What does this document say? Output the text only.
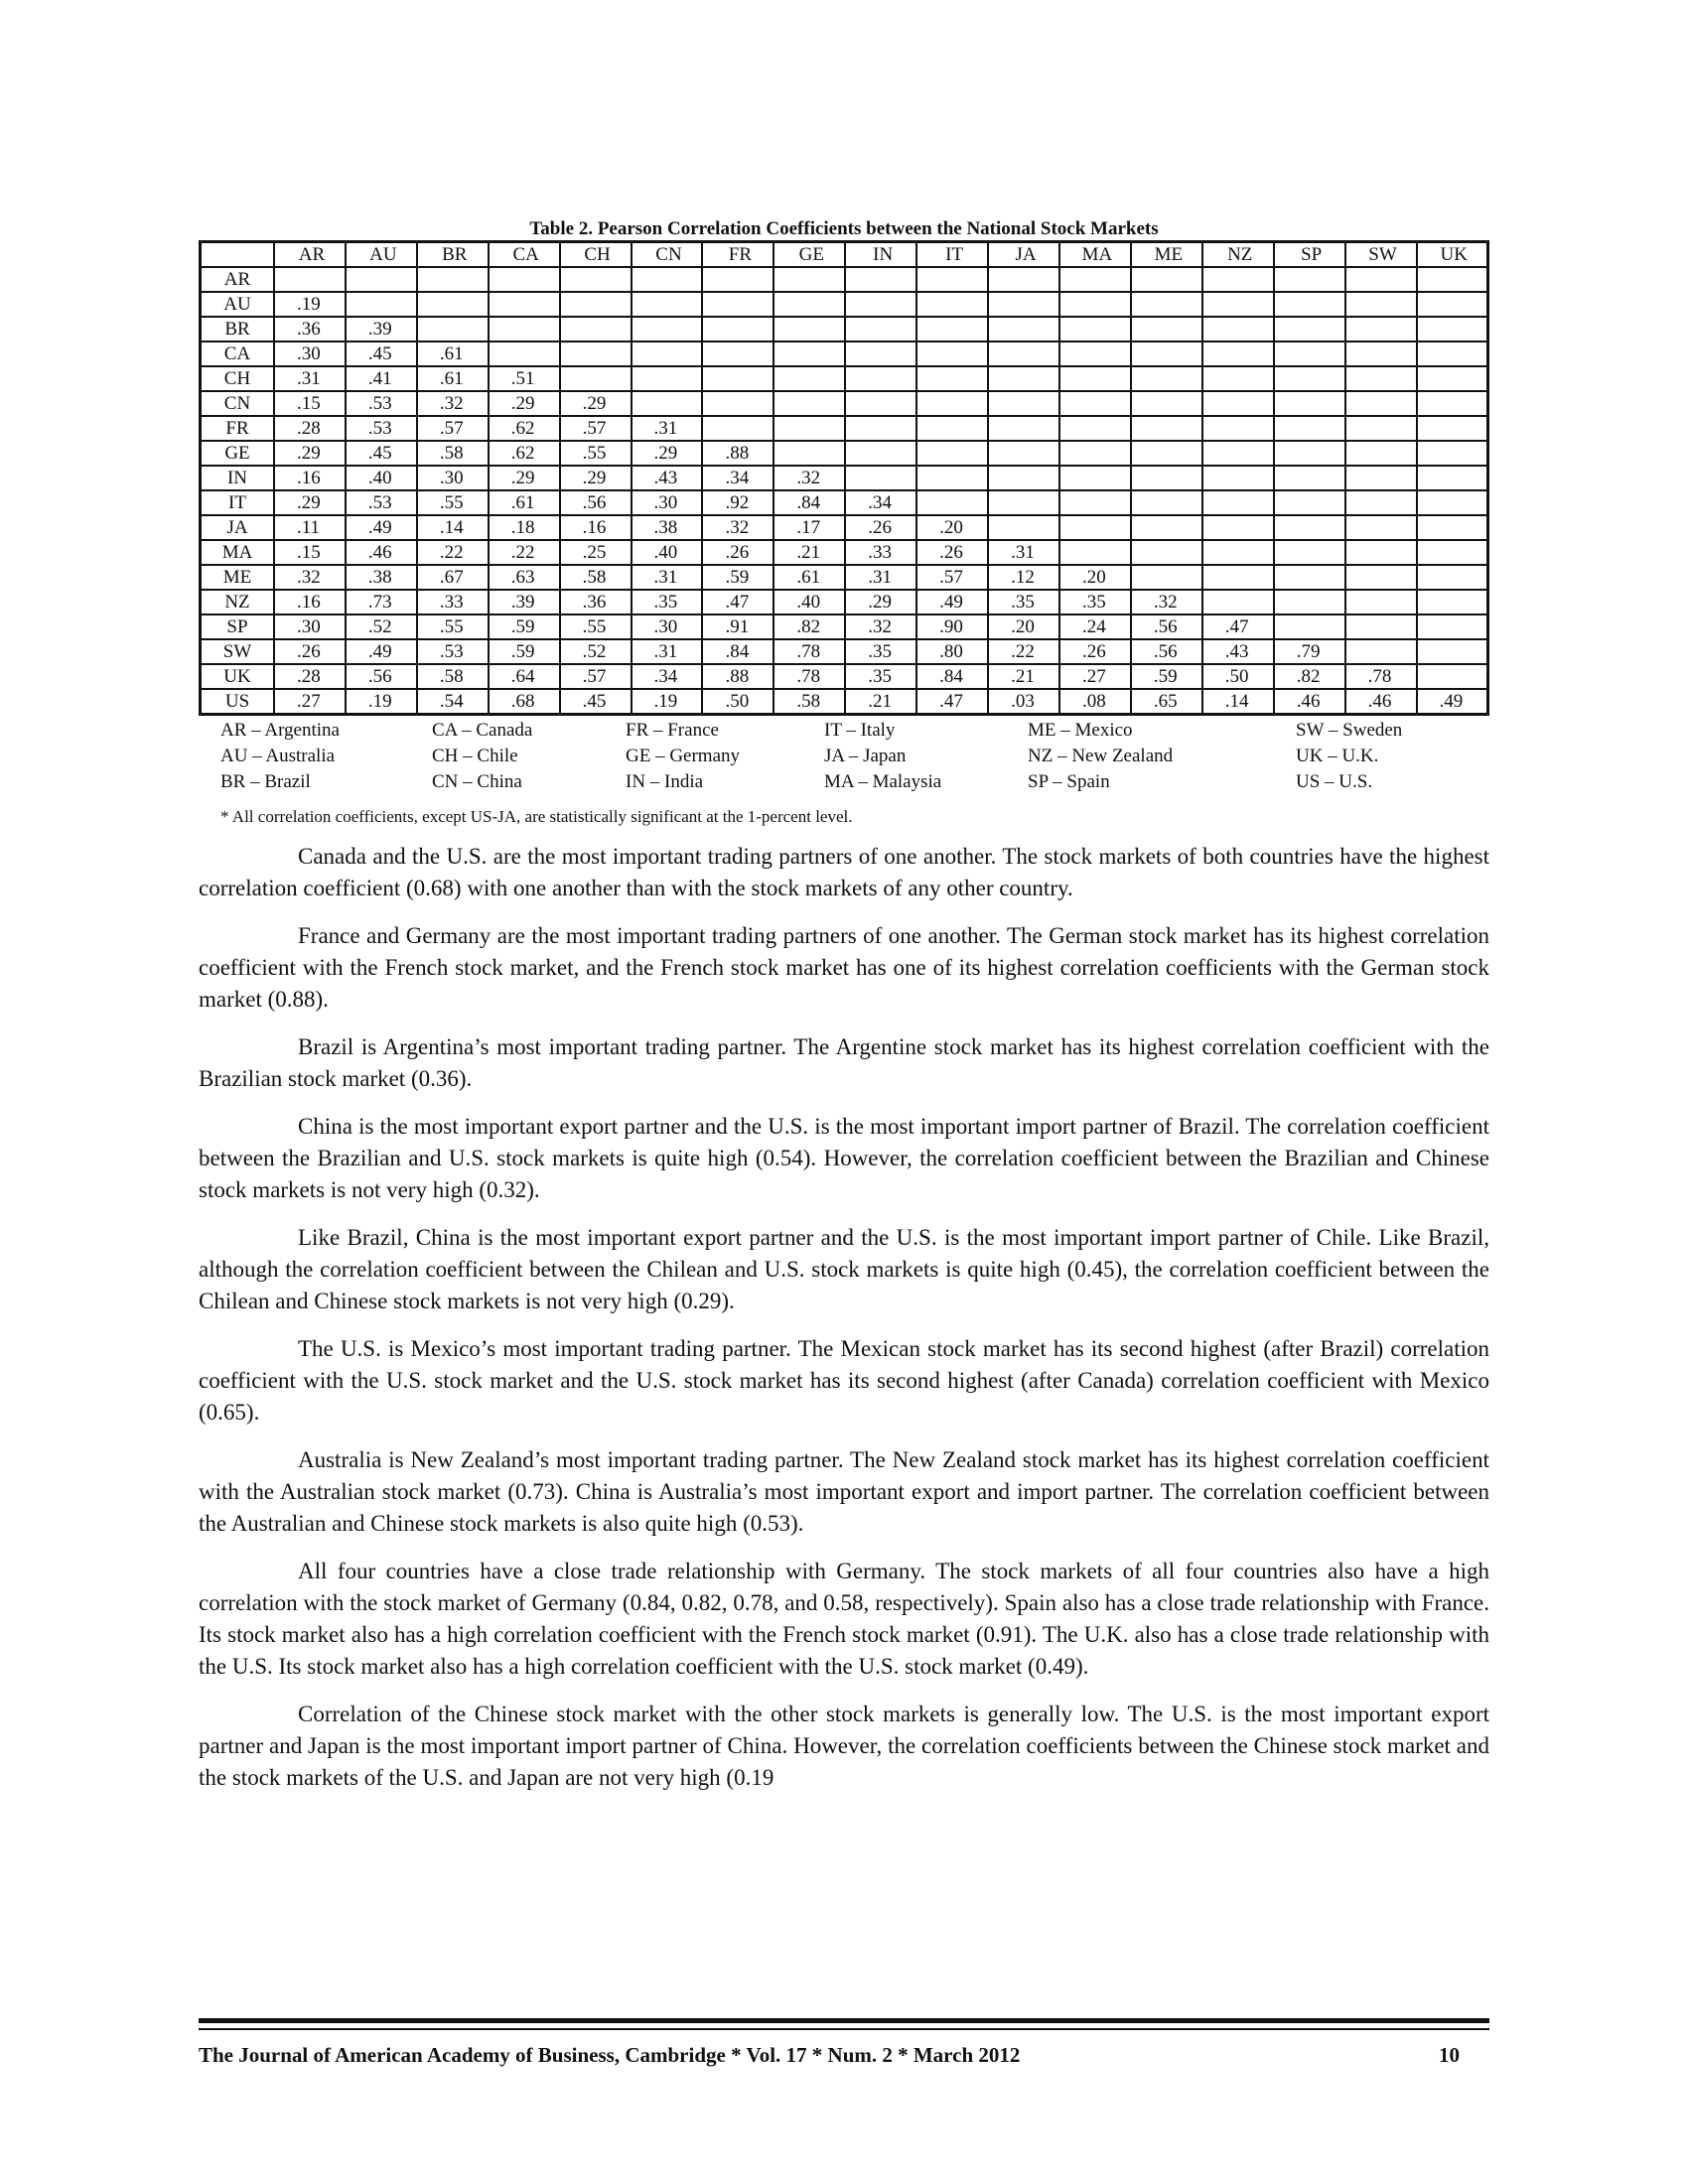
Table 2. Pearson Correlation Coefficients between the National Stock Markets

	AR	AU	BR	CA	CH	CN	FR	GE	IN	IT	JA	MA	ME	NZ	SP	SW	UK
AR																	
AU	.19																
BR	.36	.39															
CA	.30	.45	.61														
CH	.31	.41	.61	.51													
CN	.15	.53	.32	.29	.29												
FR	.28	.53	.57	.62	.57	.31											
GE	.29	.45	.58	.62	.55	.29	.88										
IN	.16	.40	.30	.29	.29	.43	.34	.32									
IT	.29	.53	.55	.61	.56	.30	.92	.84	.34								
JA	.11	.49	.14	.18	.16	.38	.32	.17	.26	.20							
MA	.15	.46	.22	.22	.25	.40	.26	.21	.33	.26	.31						
ME	.32	.38	.67	.63	.58	.31	.59	.61	.31	.57	.12	.20					
NZ	.16	.73	.33	.39	.36	.35	.47	.40	.29	.49	.35	.35	.32				
SP	.30	.52	.55	.59	.55	.30	.91	.82	.32	.90	.20	.24	.56	.47			
SW	.26	.49	.53	.59	.52	.31	.84	.78	.35	.80	.22	.26	.56	.43	.79		
UK	.28	.56	.58	.64	.57	.34	.88	.78	.35	.84	.21	.27	.59	.50	.82	.78	
US	.27	.19	.54	.68	.45	.19	.50	.58	.21	.47	.03	.08	.65	.14	.46	.46	.49
AR – Argentina	CA – Canada	FR – France	IT – Italy	ME – Mexico	SW – Sweden
AU – Australia	CH – Chile	GE – Germany	JA – Japan	NZ – New Zealand	UK – U.K.
BR – Brazil	CN – China	IN – India	MA – Malaysia	SP – Spain	US – U.S.
* All correlation coefficients, except US-JA, are statistically significant at the 1-percent level.

Canada and the U.S. are the most important trading partners of one another. The stock markets of both countries have the highest correlation coefficient (0.68) with one another than with the stock markets of any other country.

France and Germany are the most important trading partners of one another. The German stock market has its highest correlation coefficient with the French stock market, and the French stock market has one of its highest correlation coefficients with the German stock market (0.88).

Brazil is Argentina’s most important trading partner. The Argentine stock market has its highest correlation coefficient with the Brazilian stock market (0.36).

China is the most important export partner and the U.S. is the most important import partner of Brazil. The correlation coefficient between the Brazilian and U.S. stock markets is quite high (0.54). However, the correlation coefficient between the Brazilian and Chinese stock markets is not very high (0.32).

Like Brazil, China is the most important export partner and the U.S. is the most important import partner of Chile. Like Brazil, although the correlation coefficient between the Chilean and U.S. stock markets is quite high (0.45), the correlation coefficient between the Chilean and Chinese stock markets is not very high (0.29).

The U.S. is Mexico’s most important trading partner. The Mexican stock market has its second highest (after Brazil) correlation coefficient with the U.S. stock market and the U.S. stock market has its second highest (after Canada) correlation coefficient with Mexico (0.65).

Australia is New Zealand’s most important trading partner. The New Zealand stock market has its highest correlation coefficient with the Australian stock market (0.73). China is Australia’s most important export and import partner. The correlation coefficient between the Australian and Chinese stock markets is also quite high (0.53).

All four countries have a close trade relationship with Germany. The stock markets of all four countries also have a high correlation with the stock market of Germany (0.84, 0.82, 0.78, and 0.58, respectively). Spain also has a close trade relationship with France. Its stock market also has a high correlation coefficient with the French stock market (0.91). The U.K. also has a close trade relationship with the U.S. Its stock market also has a high correlation coefficient with the U.S. stock market (0.49).

Correlation of the Chinese stock market with the other stock markets is generally low. The U.S. is the most important export partner and Japan is the most important import partner of China. However, the correlation coefficients between the Chinese stock market and the stock markets of the U.S. and Japan are not very high (0.19

The Journal of American Academy of Business, Cambridge * Vol. 17 * Num. 2 * March 2012	10
